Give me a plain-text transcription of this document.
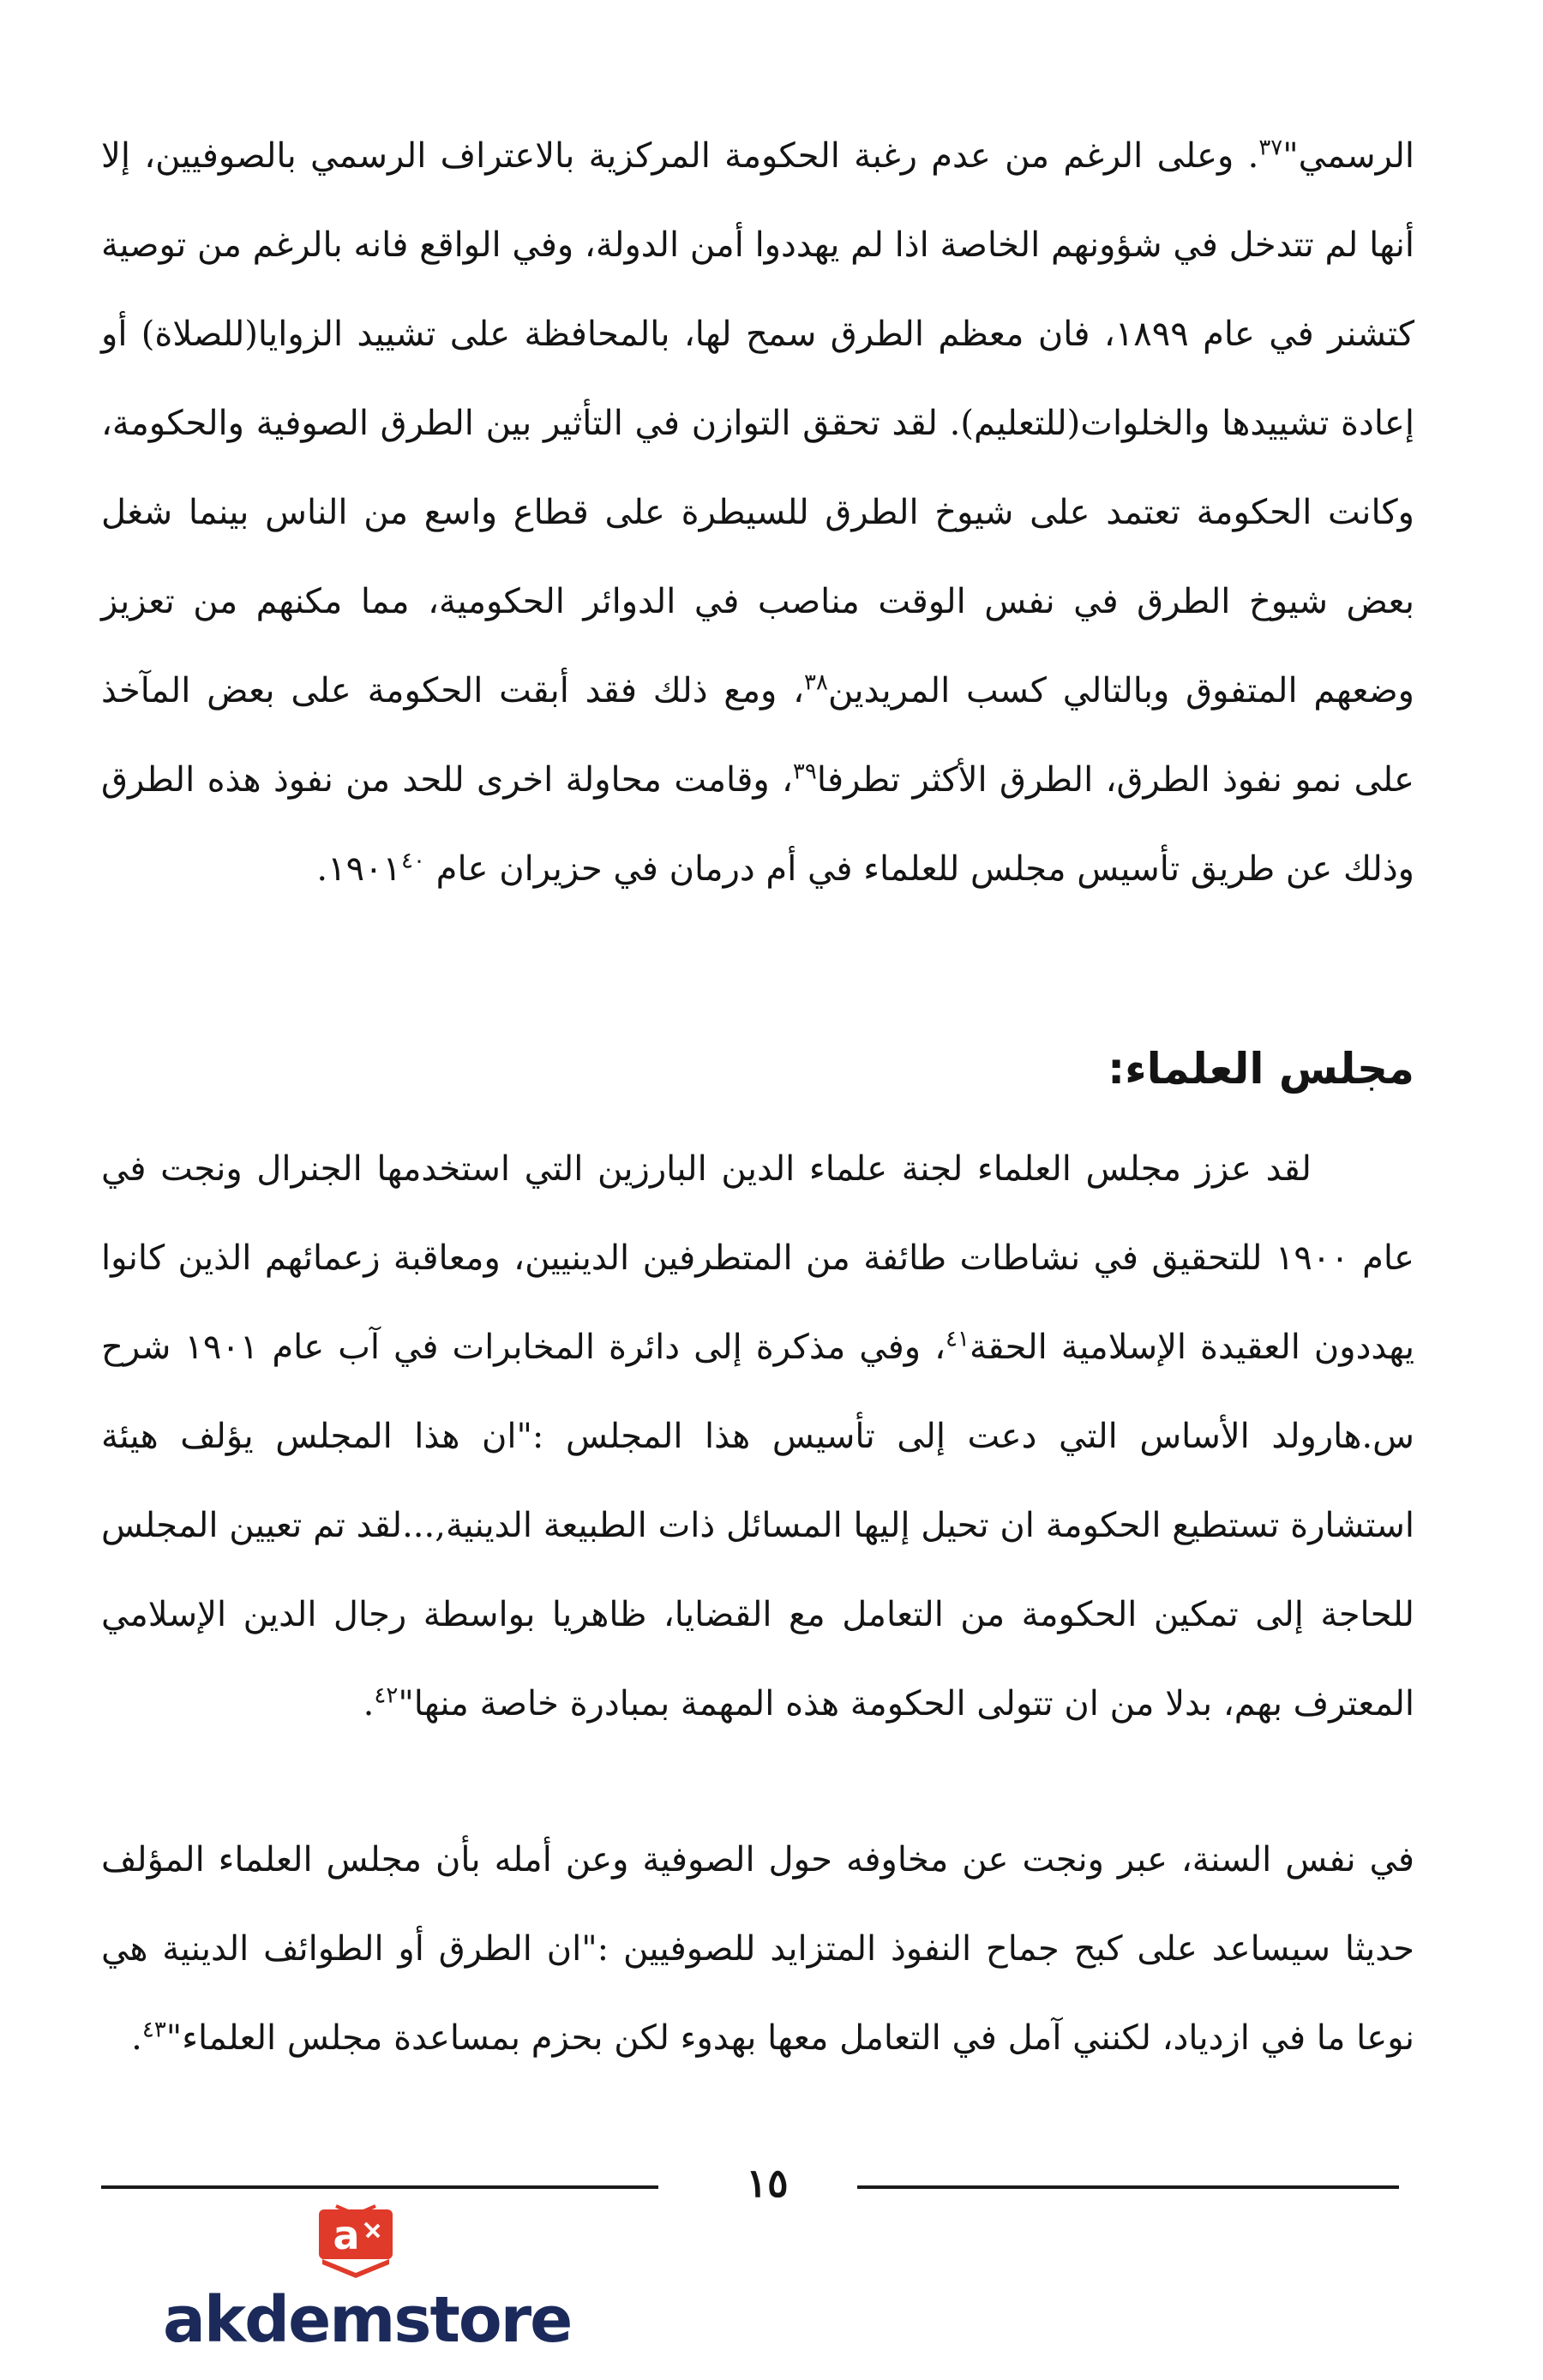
الرسمي"$^{٣٧}$. وعلى الرغم من عدم رغبة الحكومة المركزية بالاعتراف الرسمي بالصوفيين، إلا أنها لم تتدخل في شؤونهم الخاصة اذا لم يهددوا أمن الدولة، وفي الواقع فانه بالرغم من توصية كتشنر في عام ١٨٩٩، فان معظم الطرق سمح لها، بالمحافظة على تشييد الزوايا(للصلاة) أو إعادة تشييدها والخلوات(للتعليم). لقد تحقق التوازن في التأثير بين الطرق الصوفية والحكومة، وكانت الحكومة تعتمد على شيوخ الطرق للسيطرة على قطاع واسع من الناس بينما شغل بعض شيوخ الطرق في نفس الوقت مناصب في الدوائر الحكومية، مما مكنهم من تعزيز وضعهم المتفوق وبالتالي كسب المريدين$^{٣٨}$، ومع ذلك فقد أبقت الحكومة على بعض المآخذ على نمو نفوذ الطرق، الطرق الأكثر تطرفا$^{٣٩}$، وقامت محاولة اخرى للحد من نفوذ هذه الطرق وذلك عن طريق تأسيس مجلس للعلماء في أم درمان في حزيران عام ١٩٠١$^{٤٠}$.

مجلس العلماء:

لقد عزز مجلس العلماء لجنة علماء الدين البارزين التي استخدمها الجنرال ونجت في عام ١٩٠٠ للتحقيق في نشاطات طائفة من المتطرفين الدينيين، ومعاقبة زعمائهم الذين كانوا يهددون العقيدة الإسلامية الحقة$^{٤١}$، وفي مذكرة إلى دائرة المخابرات في آب عام ١٩٠١ شرح س.هارولد الأساس التي دعت إلى تأسيس هذا المجلس :"ان هذا المجلس يؤلف هيئة استشارة تستطيع الحكومة ان تحيل إليها المسائل ذات الطبيعة الدينية,...لقد تم تعيين المجلس للحاجة إلى تمكين الحكومة من التعامل مع القضايا، ظاهريا بواسطة رجال الدين الإسلامي المعترف بهم، بدلا من ان تتولى الحكومة هذه المهمة بمبادرة خاصة منها"$^{٤٢}$.

في نفس السنة، عبر ونجت عن مخاوفه حول الصوفية وعن أمله بأن مجلس العلماء المؤلف حديثا سيساعد على كبح جماح النفوذ المتزايد للصوفيين :"ان الطرق أو الطوائف الدينية هي نوعا ما في ازدياد، لكنني آمل في التعامل معها بهدوء لكن بحزم بمساعدة مجلس العلماء"$^{٤٣}$.

١٥
a
akdemstore
